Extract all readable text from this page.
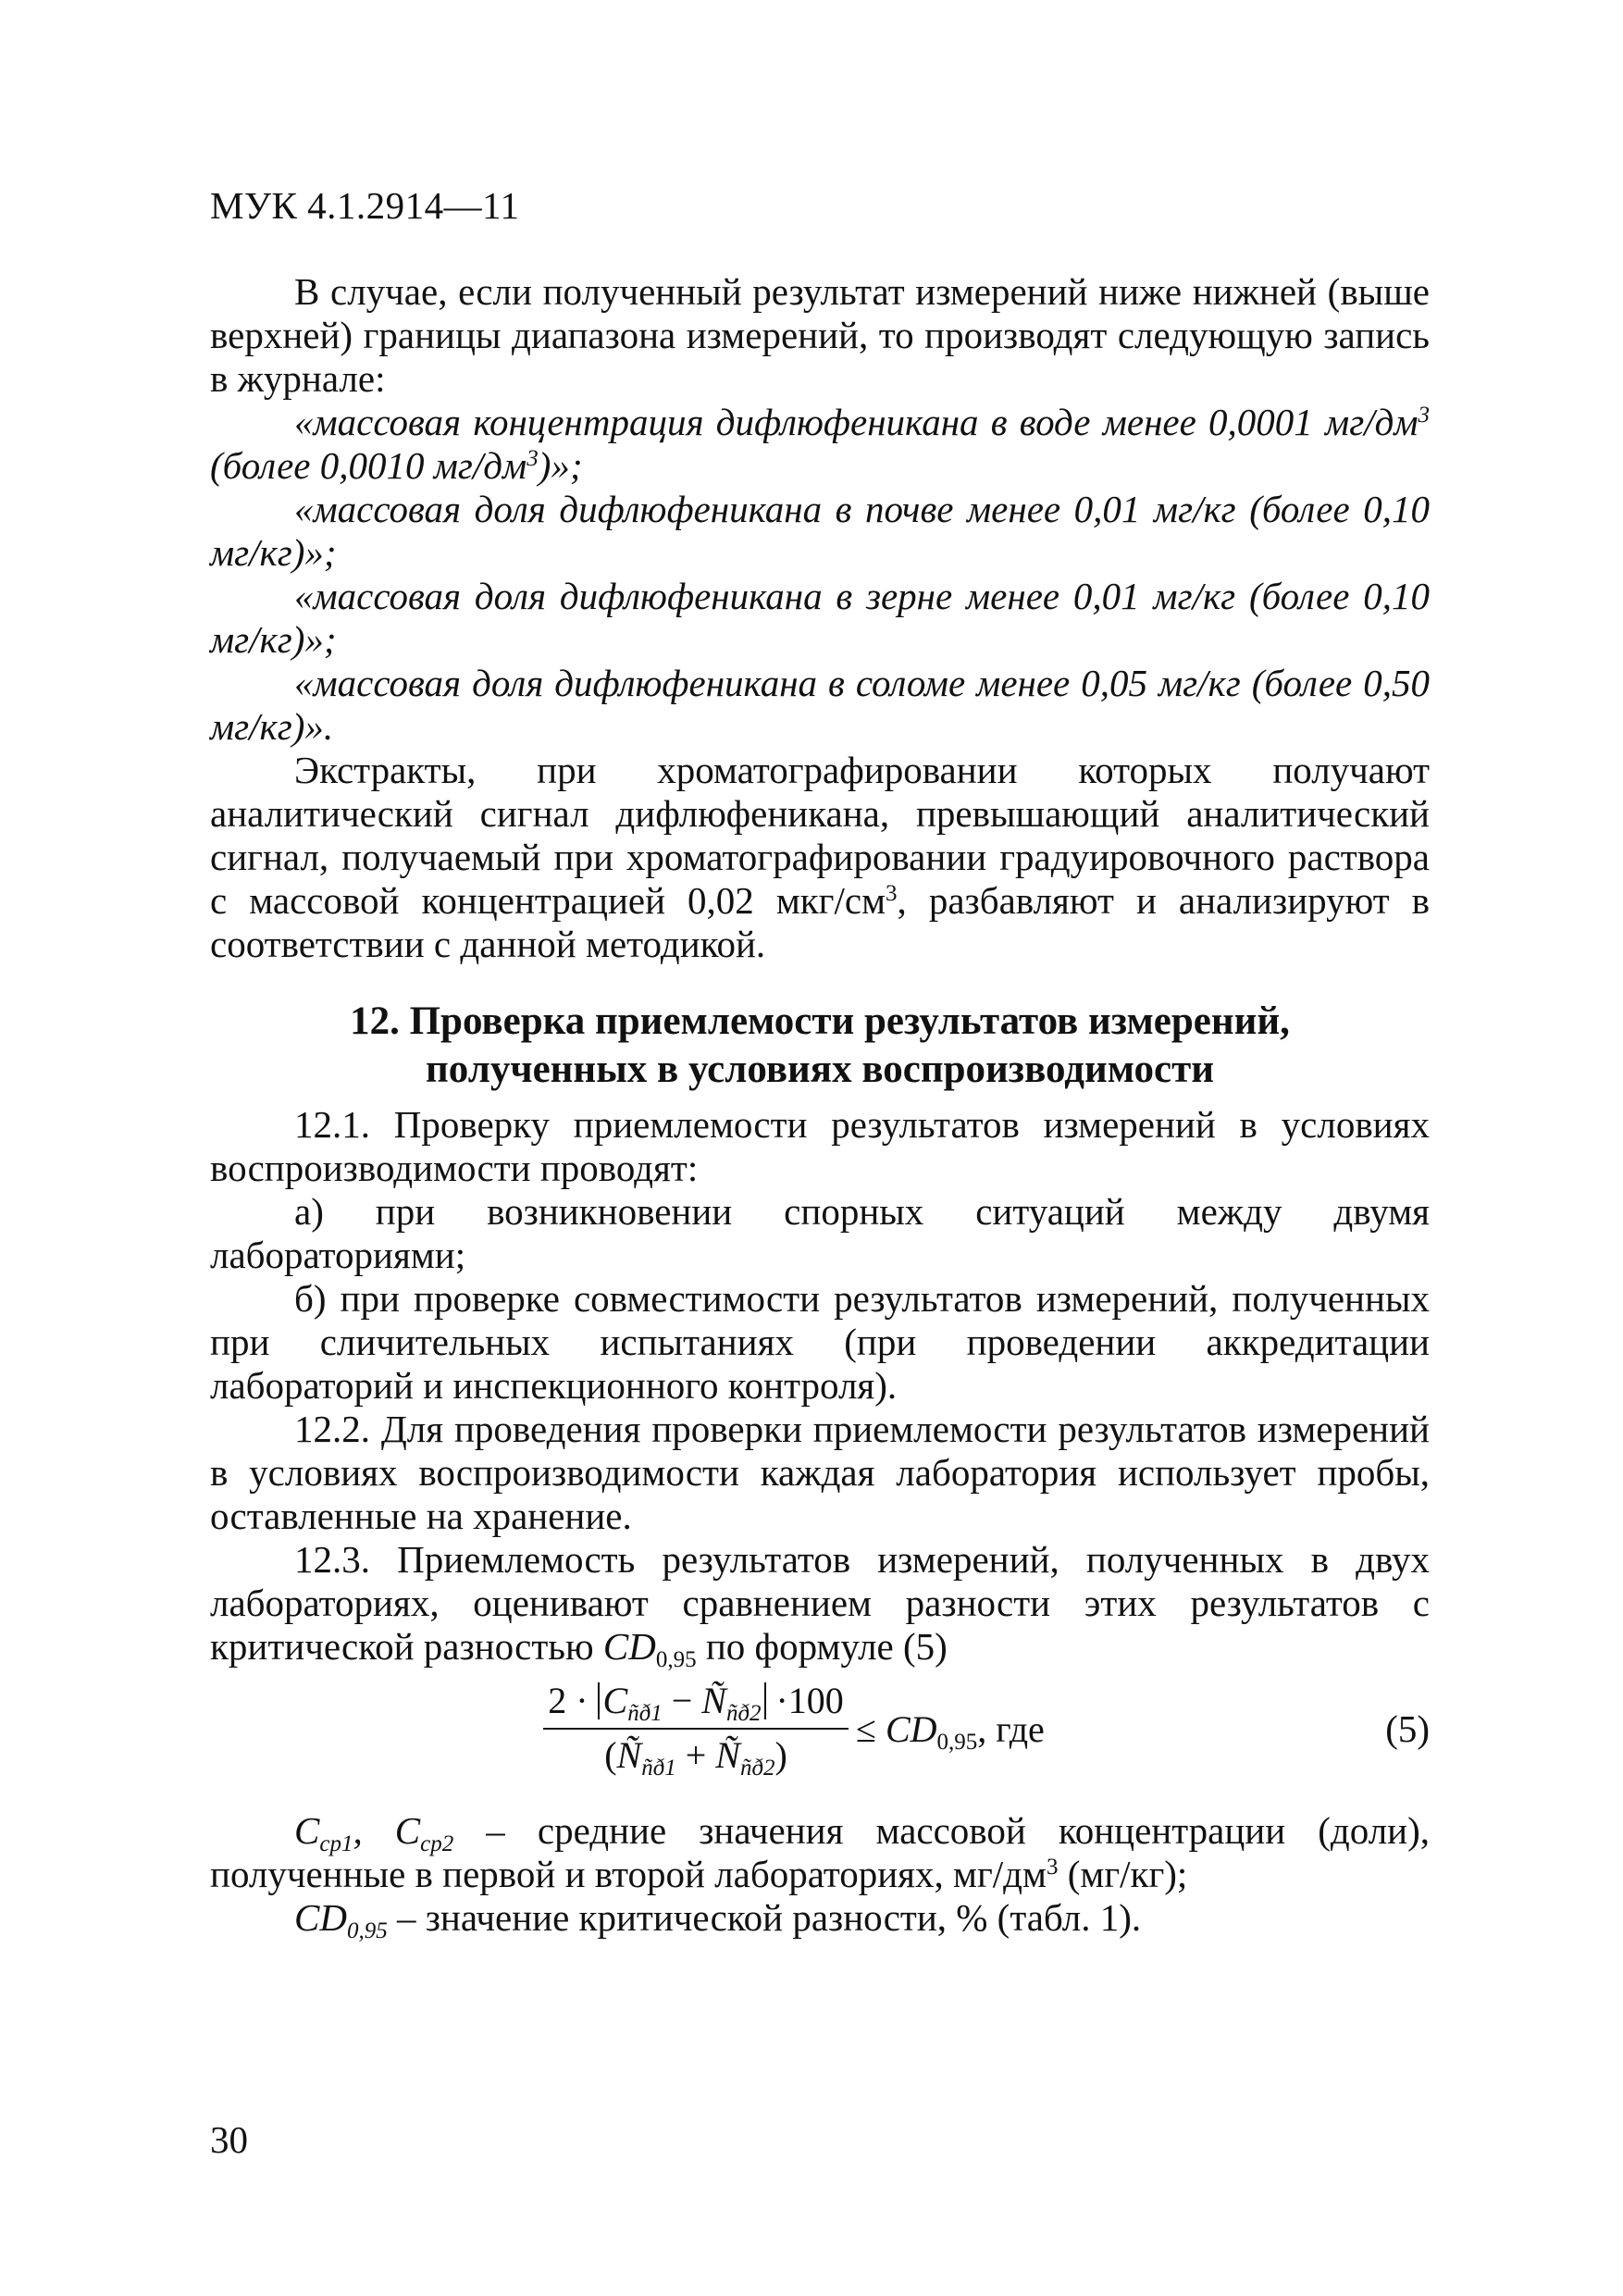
МУК 4.1.2914—11

В случае, если полученный результат измерений ниже нижней (выше верхней) границы диапазона измерений, то производят следующую запись в журнале:

«массовая концентрация дифлюфеникана в воде менее 0,0001 $мг/дм^3$ (более 0,0010 $мг/дм^3$)»;

«массовая доля дифлюфеникана в почве менее 0,01 мг/кг (более 0,10 мг/кг)»;

«массовая доля дифлюфеникана в зерне менее 0,01 мг/кг (более 0,10 мг/кг)»;

«массовая доля дифлюфеникана в соломе менее 0,05 мг/кг (более 0,50 мг/кг)».

Экстракты, при хроматографировании которых получают аналитический сигнал дифлюфеникана, превышающий аналитический сигнал, получаемый при хроматографировании градуировочного раствора с массовой концентрацией 0,02 мкг/$см^3$, разбавляют и анализируют в соответствии с данной методикой.

12. Проверка приемлемости результатов измерений,
полученных в условиях воспроизводимости

12.1. Проверку приемлемости результатов измерений в условиях воспроизводимости проводят:

а) при возникновении спорных ситуаций между двумя лабораториями;

б) при проверке совместимости результатов измерений, полученных при сличительных испытаниях (при проведении аккредитации лабораторий и инспекционного контроля).

12.2. Для проведения проверки приемлемости результатов измерений в условиях воспроизводимости каждая лаборатория использует пробы, оставленные на хранение.

12.3. Приемлемость результатов измерений, полученных в двух лабораториях, оценивают сравнением разности этих результатов с критической разностью $CD_{0,95}$ по формуле (5)

$2 \cdot C_{ñð1}$ − $Ñ_{ñð2} \cdot 100$
($Ñ_{ñð1}$ + $Ñ_{ñð2}$)
≤ $CD_{0,95}$, где	(5)

$C_{ср1}$, $C_{ср2}$ – средние значения массовой концентрации (доли), полученные в первой и второй лабораториях, $мг/дм^3$ (мг/кг);

$CD_{0,95}$ – значение критической разности, % (табл. 1).

30
